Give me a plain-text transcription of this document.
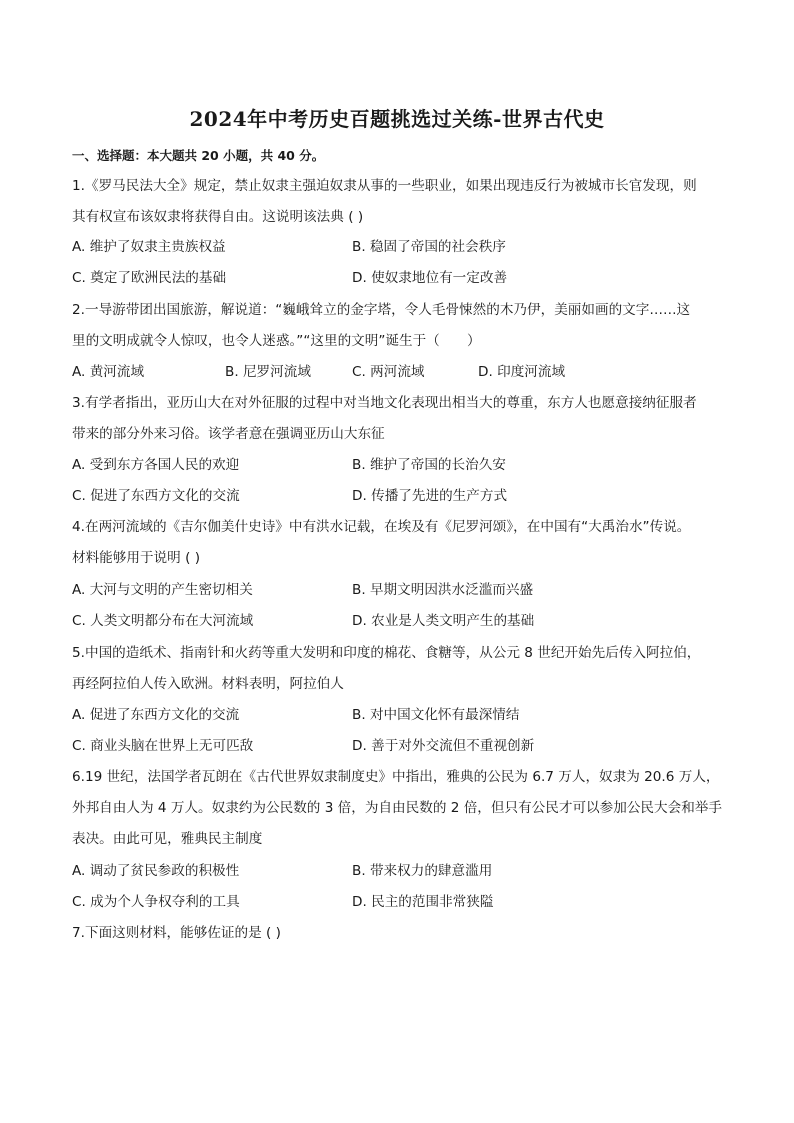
2024年中考历史百题挑选过关练-世界古代史
一、选择题：本大题共 20 小题，共 40 分。
1.《罗马民法大全》规定，禁止奴隶主强迫奴隶从事的一些职业，如果出现违反行为被城市长官发现，则
其有权宣布该奴隶将获得自由。这说明该法典 ( )
A. 维护了奴隶主贵族权益	B. 稳固了帝国的社会秩序
C. 奠定了欧洲民法的基础	D. 使奴隶地位有一定改善
2.一导游带团出国旅游，解说道：“巍峨耸立的金字塔，令人毛骨悚然的木乃伊，美丽如画的文字……这
里的文明成就令人惊叹，也令人迷惑。”“这里的文明”诞生于（　　）
A. 黄河流域	B. 尼罗河流域	C. 两河流域	D. 印度河流域
3.有学者指出，亚历山大在对外征服的过程中对当地文化表现出相当大的尊重，东方人也愿意接纳征服者
带来的部分外来习俗。该学者意在强调亚历山大东征
A. 受到东方各国人民的欢迎	B. 维护了帝国的长治久安
C. 促进了东西方文化的交流	D. 传播了先进的生产方式
4.在两河流域的《吉尔伽美什史诗》中有洪水记载，在埃及有《尼罗河颂》，在中国有“大禹治水”传说。
材料能够用于说明 ( )
A. 大河与文明的产生密切相关	B. 早期文明因洪水泛滥而兴盛
C. 人类文明都分布在大河流域	D. 农业是人类文明产生的基础
5.中国的造纸术、指南针和火药等重大发明和印度的棉花、食糖等，从公元 8 世纪开始先后传入阿拉伯，
再经阿拉伯人传入欧洲。材料表明，阿拉伯人
A. 促进了东西方文化的交流	B. 对中国文化怀有最深情结
C. 商业头脑在世界上无可匹敌	D. 善于对外交流但不重视创新
6.19 世纪，法国学者瓦朗在《古代世界奴隶制度史》中指出，雅典的公民为 6.7 万人，奴隶为 20.6 万人，
外邦自由人为 4 万人。奴隶约为公民数的 3 倍，为自由民数的 2 倍，但只有公民才可以参加公民大会和举手
表决。由此可见，雅典民主制度
A. 调动了贫民参政的积极性	B. 带来权力的肆意滥用
C. 成为个人争权夺利的工具	D. 民主的范围非常狭隘
7.下面这则材料，能够佐证的是 ( )
